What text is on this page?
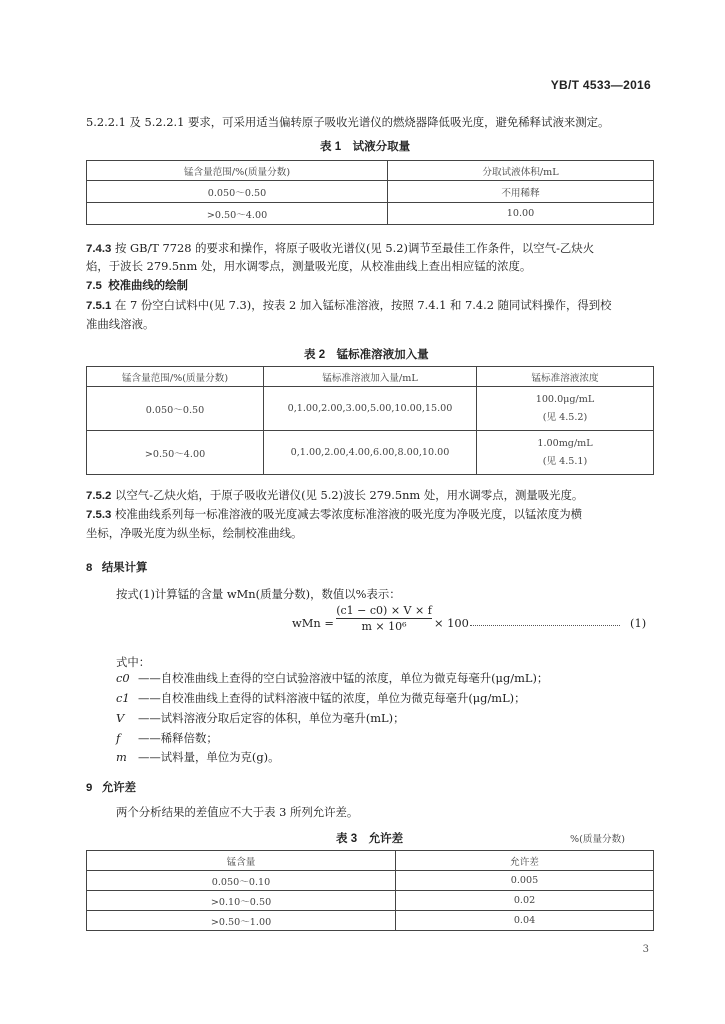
YB/T 4533—2016
5.2.2.1 及 5.2.2.1 要求，可采用适当偏转原子吸收光谱仪的燃烧器降低吸光度，避免稀释试液来测定。
表 1　试液分取量
锰含量范围/%(质量分数)	分取试液体积/mL
0.050～0.50	不用稀释
>0.50～4.00	10.00
7.4.3 按 GB/T 7728 的要求和操作，将原子吸收光谱仪(见 5.2)调节至最佳工作条件，以空气-乙炔火
焰，于波长 279.5nm 处，用水调零点，测量吸光度，从校准曲线上查出相应锰的浓度。
7.5 校准曲线的绘制
7.5.1 在 7 份空白试料中(见 7.3)，按表 2 加入锰标准溶液，按照 7.4.1 和 7.4.2 随同试料操作，得到校
准曲线溶液。
表 2　锰标准溶液加入量
锰含量范围/%(质量分数)	锰标准溶液加入量/mL	锰标准溶液浓度
0.050～0.50	0,1.00,2.00,3.00,5.00,10.00,15.00	100.0μg/mL
(见 4.5.2)

>0.50～4.00	0,1.00,2.00,4.00,6.00,8.00,10.00	1.00mg/mL
(见 4.5.1)
7.5.2 以空气-乙炔火焰，于原子吸收光谱仪(见 5.2)波长 279.5nm 处，用水调零点，测量吸光度。
7.5.3 校准曲线系列每一标准溶液的吸光度减去零浓度标准溶液的吸光度为净吸光度，以锰浓度为横
坐标，净吸光度为纵坐标，绘制校准曲线。
8 结果计算
按式(1)计算锰的含量 wMn(质量分数)，数值以%表示：
wMn =
(c1 − c0) × V × f
m × 10⁶	× 100	(1)
式中：
c0 ——自校准曲线上查得的空白试验溶液中锰的浓度，单位为微克每毫升(μg/mL)；
c1 ——自校准曲线上查得的试料溶液中锰的浓度，单位为微克每毫升(μg/mL)；
V ——试料溶液分取后定容的体积，单位为毫升(mL)；
f ——稀释倍数；
m ——试料量，单位为克(g)。
9 允许差
两个分析结果的差值应不大于表 3 所列允许差。
表 3　允许差	%(质量分数)
锰含量	允许差
0.050～0.10	0.005
>0.10～0.50	0.02
>0.50～1.00	0.04
3
